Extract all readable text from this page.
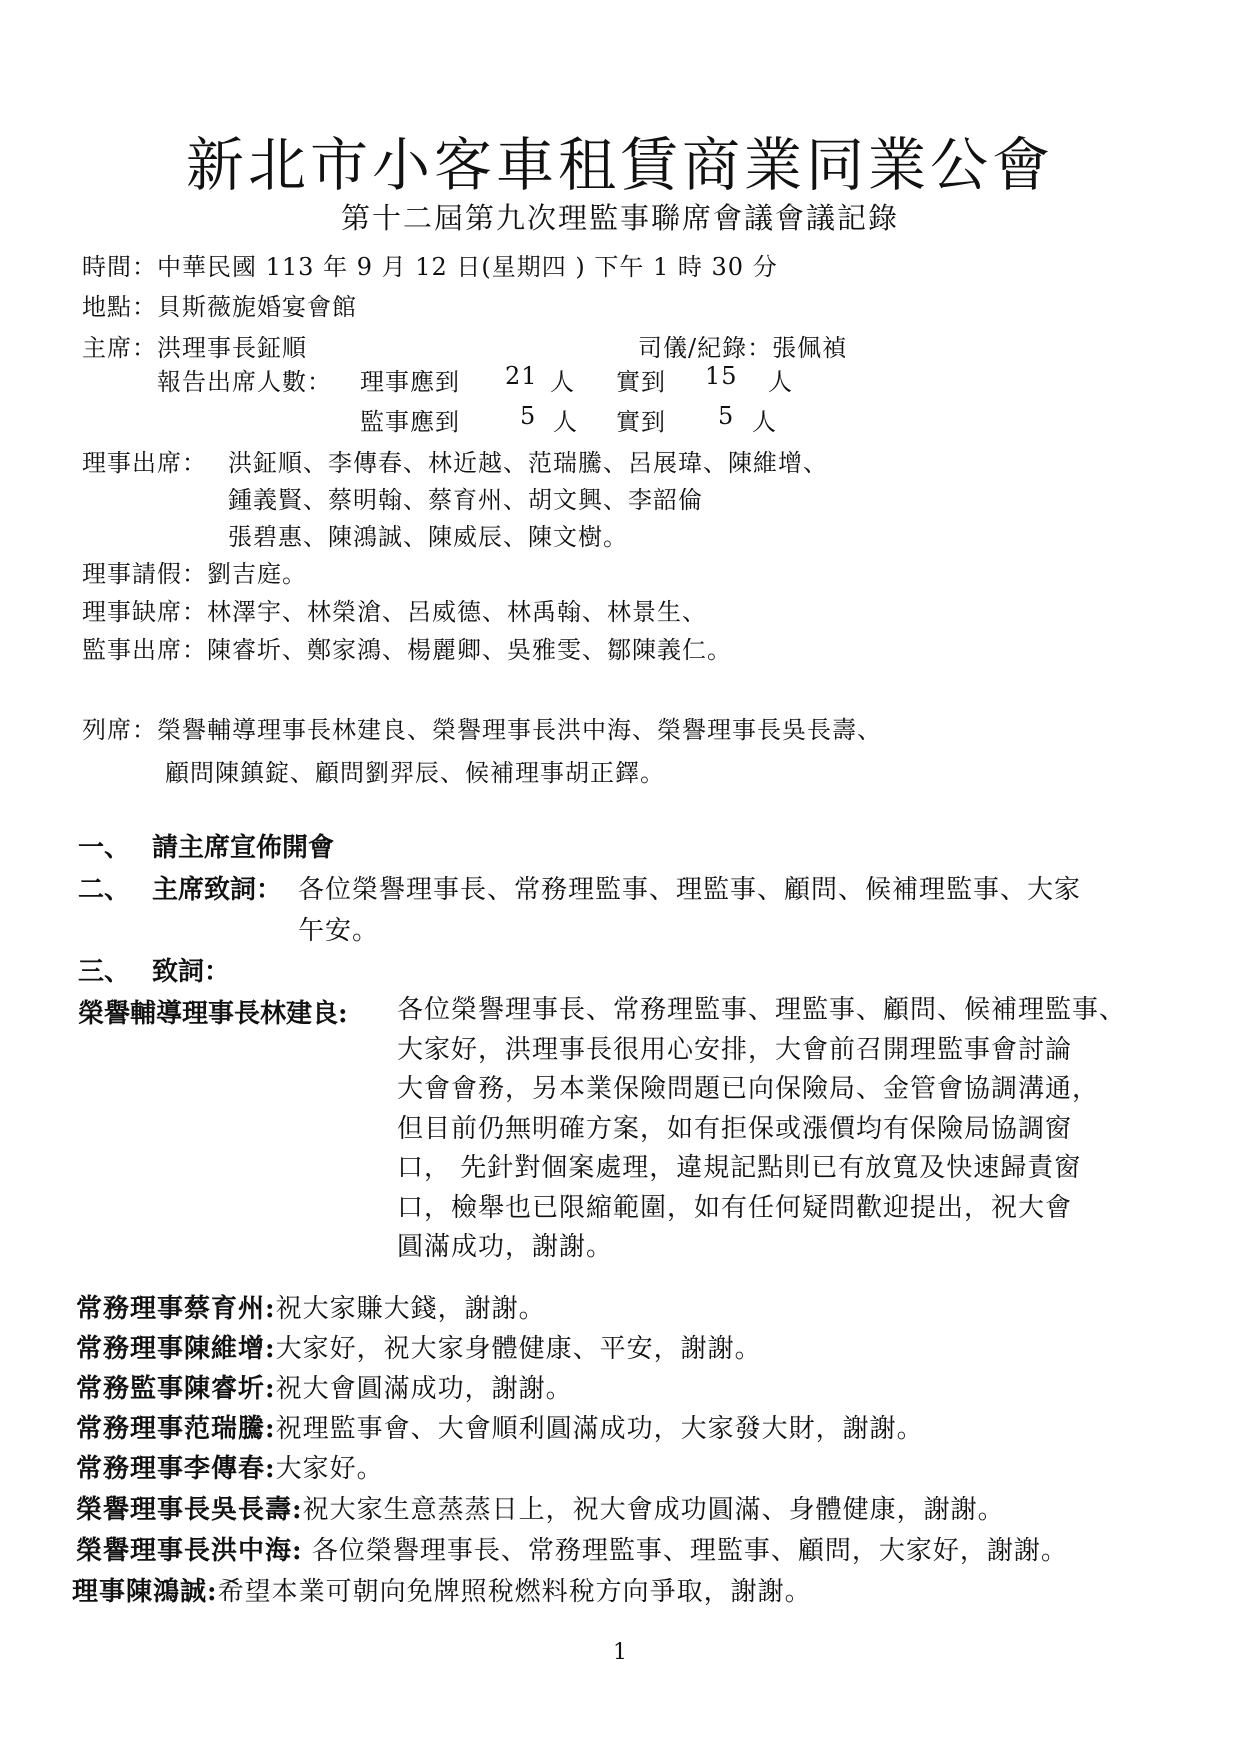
新北市小客車租賃商業同業公會
第十二屆第九次理監事聯席會議會議記錄
時間：中華民國 113 年 9 月 12 日(星期四 ) 下午 1 時 30 分
地點：貝斯薇旎婚宴會館
主席：洪理事長鉦順	司儀/紀錄：張佩禎
報告出席人數： 理事應到 21 人 實到 15 人
監事應到	5 人 實到 5 人
理事出席： 洪鉦順、李傳春、林近越、范瑞騰、呂展瑋、陳維增、
鍾義賢、蔡明翰、蔡育州、胡文興、李韶倫
張碧惠、陳鴻誠、陳威辰、陳文樹。
理事請假：劉吉庭。
理事缺席：林澤宇、林榮滄、呂威德、林禹翰、林景生、
監事出席：陳睿圻、鄭家鴻、楊麗卿、吳雅雯、鄒陳義仁。
列席：榮譽輔導理事長林建良、榮譽理事長洪中海、榮譽理事長吳長壽、
顧問陳鎮錠、顧問劉羿辰、候補理事胡正鐸。
一、 請主席宣佈開會
二、 主席致詞： 各位榮譽理事長、常務理監事、理監事、顧問、候補理監事、大家
午安。
三、 致詞：
榮譽輔導理事長林建良: 各位榮譽理事長、常務理監事、理監事、顧問、候補理監事、
大家好，洪理事長很用心安排，大會前召開理監事會討論
大會會務，另本業保險問題已向保險局、金管會協調溝通，
但目前仍無明確方案，如有拒保或漲價均有保險局協調窗
口， 先針對個案處理，違規記點則已有放寬及快速歸責窗
口，檢舉也已限縮範圍，如有任何疑問歡迎提出，祝大會
圓滿成功，謝謝。
常務理事蔡育州:祝大家賺大錢，謝謝。
常務理事陳維增:大家好，祝大家身體健康、平安，謝謝。
常務監事陳睿圻:祝大會圓滿成功，謝謝。
常務理事范瑞騰:祝理監事會、大會順利圓滿成功，大家發大財，謝謝。
常務理事李傳春:大家好。
榮譽理事長吳長壽:祝大家生意蒸蒸日上，祝大會成功圓滿、身體健康，謝謝。
榮譽理事長洪中海: 各位榮譽理事長、常務理監事、理監事、顧問，大家好，謝謝。
理事陳鴻誠:希望本業可朝向免牌照稅燃料稅方向爭取，謝謝。
1
